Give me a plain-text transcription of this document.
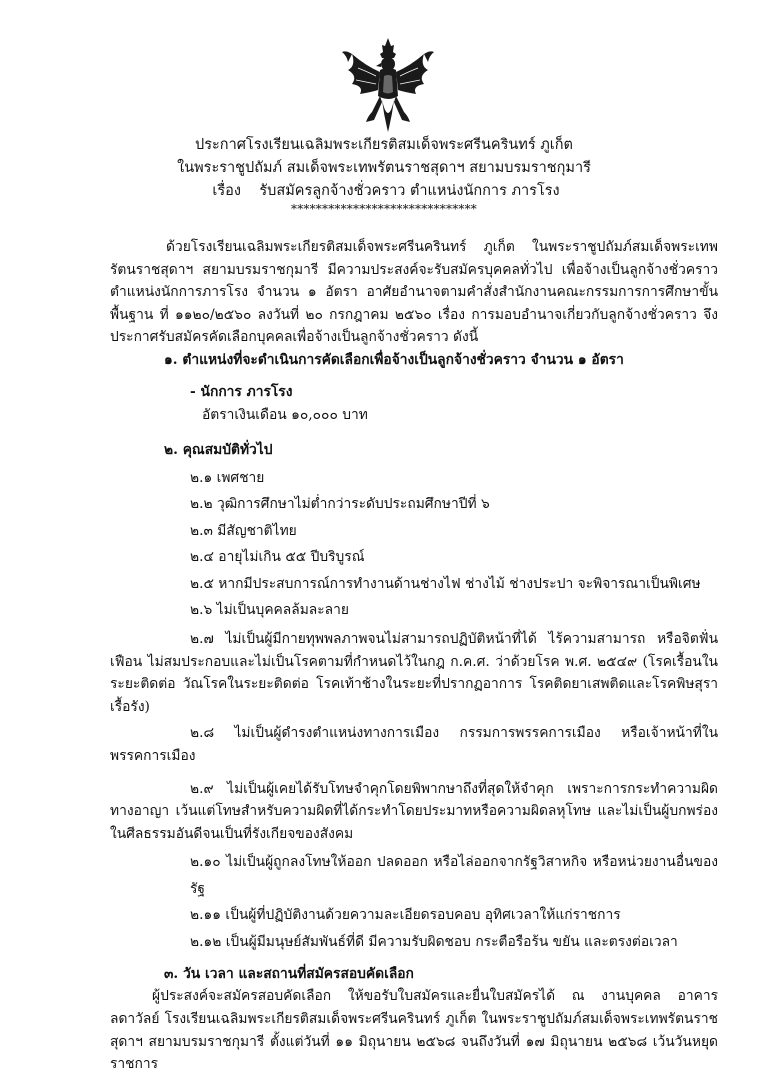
ประกาศโรงเรียนเฉลิมพระเกียรติสมเด็จพระศรีนครินทร์ ภูเก็ต
ในพระราชูปถัมภ์ สมเด็จพระเทพรัตนราชสุดาฯ สยามบรมราชกุมารี
เรื่อง รับสมัครลูกจ้างชั่วคราว ตำแหน่งนักการ ภารโรง
******************************

ด้วยโรงเรียนเฉลิมพระเกียรติสมเด็จพระศรีนครินทร์ ภูเก็ต ในพระราชูปถัมภ์สมเด็จพระเทพรัตนราชสุดาฯ สยามบรมราชกุมารี มีความประสงค์จะรับสมัครบุคคลทั่วไป เพื่อจ้างเป็นลูกจ้างชั่วคราว ตำแหน่งนักการภารโรง จำนวน ๑ อัตรา อาศัยอำนาจตามคำสั่งสำนักงานคณะกรรมการการศึกษาขั้นพื้นฐาน ที่ ๑๑๒๐/๒๕๖๐ ลงวันที่ ๒๐ กรกฎาคม ๒๕๖๐ เรื่อง การมอบอำนาจเกี่ยวกับลูกจ้างชั่วคราว จึงประกาศรับสมัครคัดเลือกบุคคลเพื่อจ้างเป็นลูกจ้างชั่วคราว ดังนี้

๑. ตำแหน่งที่จะดำเนินการคัดเลือกเพื่อจ้างเป็นลูกจ้างชั่วคราว จำนวน ๑ อัตรา
- นักการ ภารโรง
อัตราเงินเดือน ๑๐,๐๐๐ บาท
๒. คุณสมบัติทั่วไป
๒.๑ เพศชาย
๒.๒ วุฒิการศึกษาไม่ต่ำกว่าระดับประถมศึกษาปีที่ ๖
๒.๓ มีสัญชาติไทย
๒.๔ อายุไม่เกิน ๕๕ ปีบริบูรณ์
๒.๕ หากมีประสบการณ์การทำงานด้านช่างไฟ ช่างไม้ ช่างประปา จะพิจารณาเป็นพิเศษ
๒.๖ ไม่เป็นบุคคลล้มละลาย

๒.๗ ไม่เป็นผู้มีกายทุพพลภาพจนไม่สามารถปฏิบัติหน้าที่ได้ ไร้ความสามารถ หรือจิตฟั่นเฟือน ไม่สมประกอบและไม่เป็นโรคตามที่กำหนดไว้ในกฎ ก.ค.ศ. ว่าด้วยโรค พ.ศ. ๒๕๔๙ (โรคเรื้อนในระยะติดต่อ วัณโรคในระยะติดต่อ โรคเท้าช้างในระยะที่ปรากฏอาการ โรคติดยาเสพติดและโรคพิษสุราเรื้อรัง)

๒.๘ ไม่เป็นผู้ดำรงตำแหน่งทางการเมือง กรรมการพรรคการเมือง หรือเจ้าหน้าที่ในพรรคการเมือง

๒.๙ ไม่เป็นผู้เคยได้รับโทษจำคุกโดยพิพากษาถึงที่สุดให้จำคุก เพราะการกระทำความผิดทางอาญา เว้นแต่โทษสำหรับความผิดที่ได้กระทำโดยประมาทหรือความผิดลหุโทษ และไม่เป็นผู้บกพร่องในศีลธรรมอันดีจนเป็นที่รังเกียจของสังคม

๒.๑๐ ไม่เป็นผู้ถูกลงโทษให้ออก ปลดออก หรือไล่ออกจากรัฐวิสาหกิจ หรือหน่วยงานอื่นของรัฐ
๒.๑๑ เป็นผู้ที่ปฏิบัติงานด้วยความละเอียดรอบคอบ อุทิศเวลาให้แก่ราชการ
๒.๑๒ เป็นผู้มีมนุษย์สัมพันธ์ที่ดี มีความรับผิดชอบ กระตือรือร้น ขยัน และตรงต่อเวลา
๓. วัน เวลา และสถานที่สมัครสอบคัดเลือก

ผู้ประสงค์จะสมัครสอบคัดเลือก ให้ขอรับใบสมัครและยื่นใบสมัครได้ ณ งานบุคคล อาคารลดาวัลย์ โรงเรียนเฉลิมพระเกียรติสมเด็จพระศรีนครินทร์ ภูเก็ต ในพระราชูปถัมภ์สมเด็จพระเทพรัตนราชสุดาฯ สยามบรมราชกุมารี ตั้งแต่วันที่ ๑๑ มิถุนายน ๒๕๖๘ จนถึงวันที่ ๑๗ มิถุนายน ๒๕๖๘ เว้นวันหยุดราชการ
